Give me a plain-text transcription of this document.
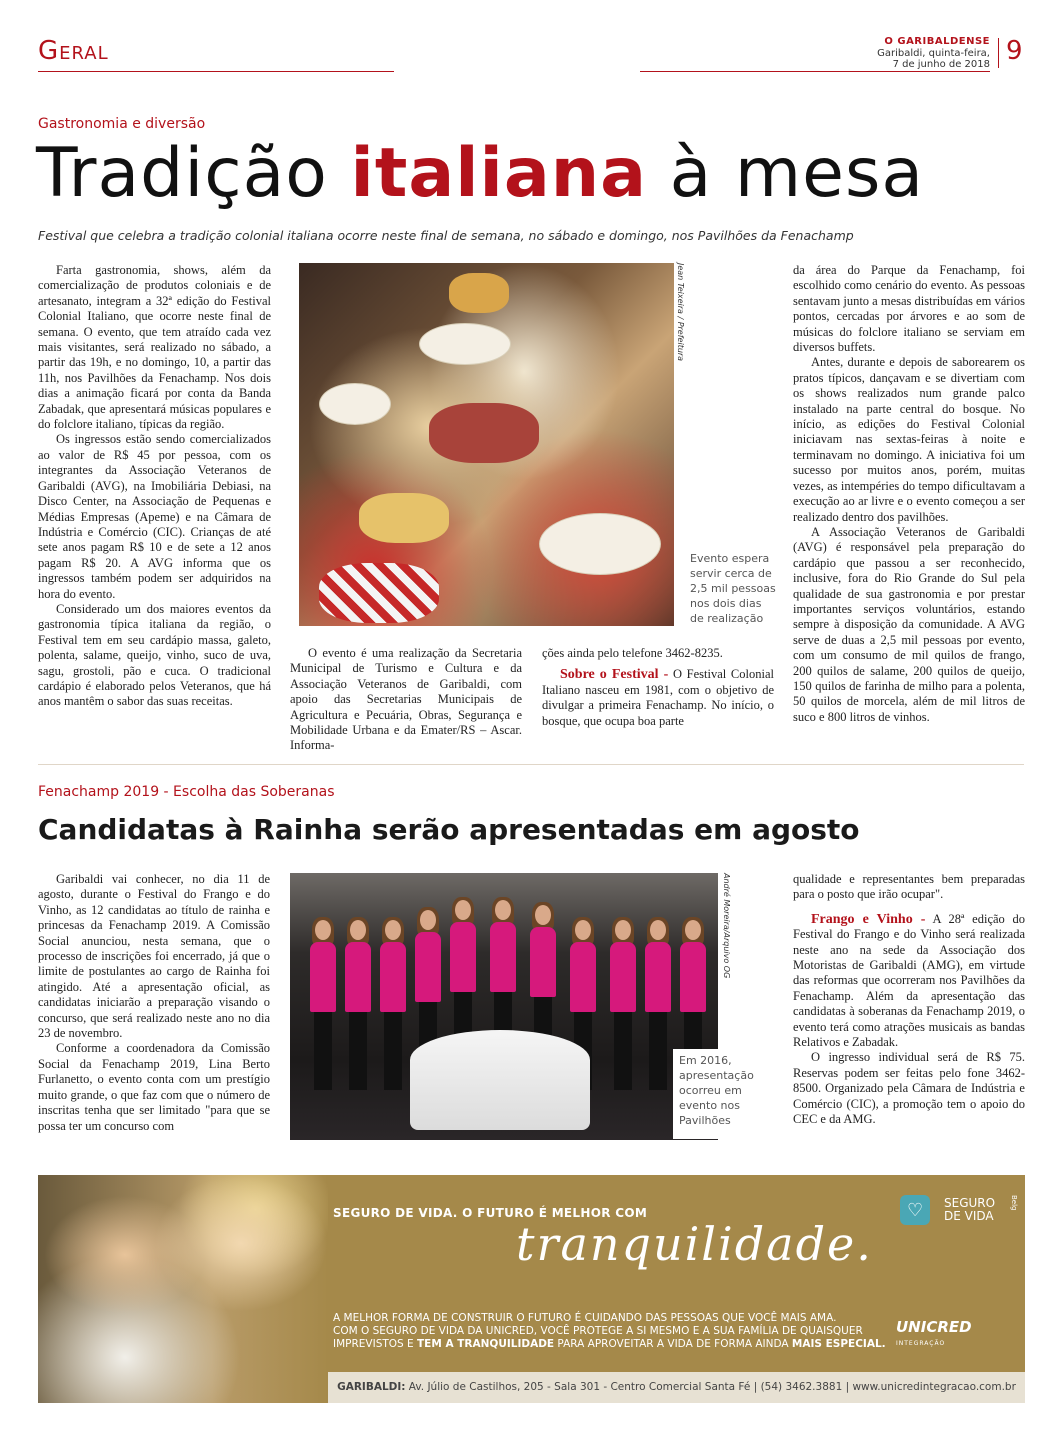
Geral	O GARIBALDENSE
Garibaldi, quinta-feira,
7 de junho de 2018 9
Gastronomia e diversão
Tradição italiana à mesa
Festival que celebra a tradição colonial italiana ocorre neste final de semana, no sábado e domingo, nos Pavilhões da Fenachamp

Farta gastronomia, shows, além da comercialização de produtos coloniais e de artesanato, integram a 32ª edição do Festival Colonial Italiano, que ocorre neste final de semana. O evento, que tem atraído cada vez mais visitantes, será realizado no sábado, a partir das 19h, e no domingo, 10, a partir das 11h, nos Pavilhões da Fenachamp. Nos dois dias a animação ficará por conta da Banda Zabadak, que apresentará músicas populares e do folclore italiano, típicas da região.

Os ingressos estão sendo comercializados ao valor de R$ 45 por pessoa, com os integrantes da Associação Veteranos de Garibaldi (AVG), na Imobiliária Debiasi, na Disco Center, na Associação de Pequenas e Médias Empresas (Apeme) e na Câmara de Indústria e Comércio (CIC). Crianças de até sete anos pagam R$ 10 e de sete a 12 anos pagam R$ 20. A AVG informa que os ingressos também podem ser adquiridos na hora do evento.

Considerado um dos maiores eventos da gastronomia típica italiana da região, o Festival tem em seu cardápio massa, galeto, polenta, salame, queijo, vinho, suco de uva, sagu, grostoli, pão e cuca. O tradicional cardápio é elaborado pelos Veteranos, que há anos mantêm o sabor das suas receitas.

Jean Teixeira / Prefeitura
Evento espera servir cerca de 2,5 mil pessoas nos dois dias de realização

O evento é uma realização da Secretaria Municipal de Turismo e Cultura e da Associação Veteranos de Garibaldi, com apoio das Secretarias Municipais de Agricultura e Pecuária, Obras, Segurança e Mobilidade Urbana e da Emater/RS – Ascar. Informa-

ções ainda pelo telefone 3462-8235.
Sobre o Festival - O Festival Colonial Italiano nasceu em 1981, com o objetivo de divulgar a primeira Fenachamp. No início, o bosque, que ocupa boa parte
da área do Parque da Fenachamp, foi escolhido como cenário do evento. As pessoas sentavam junto a mesas distribuídas em vários pontos, cercadas por árvores e ao som de músicas do folclore italiano se serviam em diversos buffets.

Antes, durante e depois de saborearem os pratos típicos, dançavam e se divertiam com os shows realizados num grande palco instalado na parte central do bosque. No início, as edições do Festival Colonial iniciavam nas sextas-feiras à noite e terminavam no domingo. A iniciativa foi um sucesso por muitos anos, porém, muitas vezes, as intempéries do tempo dificultavam a execução ao ar livre e o evento começou a ser realizado dentro dos pavilhões.

A Associação Veteranos de Garibaldi (AVG) é responsável pela preparação do cardápio que passou a ser reconhecido, inclusive, fora do Rio Grande do Sul pela qualidade de sua gastronomia e por prestar importantes serviços voluntários, estando sempre à disposição da comunidade. A AVG serve de duas a 2,5 mil pessoas por evento, com um consumo de mil quilos de frango, 200 quilos de salame, 200 quilos de queijo, 150 quilos de farinha de milho para a polenta, 50 quilos de morcela, além de mil litros de suco e 800 litros de vinhos.

Fenachamp 2019 - Escolha das Soberanas
Candidatas à Rainha serão apresentadas em agosto

Garibaldi vai conhecer, no dia 11 de agosto, durante o Festival do Frango e do Vinho, as 12 candidatas ao título de rainha e princesas da Fenachamp 2019. A Comissão Social anunciou, nesta semana, que o processo de inscrições foi encerrado, já que o limite de postulantes ao cargo de Rainha foi atingido. Até a apresentação oficial, as candidatas iniciarão a preparação visando o concurso, que será realizado neste ano no dia 23 de novembro.

Conforme a coordenadora da Comissão Social da Fenachamp 2019, Lina Berto Furlanetto, o evento conta com um prestígio muito grande, o que faz com que o número de inscritas tenha que ser limitado "para que se possa ter um concurso com

André Moreira/Arquivo OG
Em 2016, apresentação ocorreu em evento nos Pavilhões
qualidade e representantes bem preparadas para o posto que irão ocupar".
Frango e Vinho - A 28ª edição do Festival do Frango e do Vinho será realizada neste ano na sede da Associação dos Motoristas de Garibaldi (AMG), em virtude das reformas que ocorreram nos Pavilhões da Fenachamp. Além da apresentação das candidatas à soberanas da Fenachamp 2019, o evento terá como atrações musicais as bandas Relativos e Zabadak.

O ingresso individual será de R$ 75. Reservas podem ser feitas pelo fone 3462-8500. Organizado pela Câmara de Indústria e Comércio (CIC), a promoção tem o apoio do CEC e da AMG.

SEGURO DE VIDA. O FUTURO É MELHOR COM
tranquilidade.
♡ SEGURO
DE VIDA
Belg
A MELHOR FORMA DE CONSTRUIR O FUTURO É CUIDANDO DAS PESSOAS QUE VOCÊ MAIS AMA.
COM O SEGURO DE VIDA DA UNICRED, VOCÊ PROTEGE A SI MESMO E A SUA FAMÍLIA DE QUAISQUER
IMPREVISTOS E TEM A TRANQUILIDADE PARA APROVEITAR A VIDA DE FORMA AINDA MAIS ESPECIAL.
UNICRED
INTEGRAÇÃO
GARIBALDI: Av. Júlio de Castilhos, 205 - Sala 301 - Centro Comercial Santa Fé | (54) 3462.3881 | www.unicredintegracao.com.br
